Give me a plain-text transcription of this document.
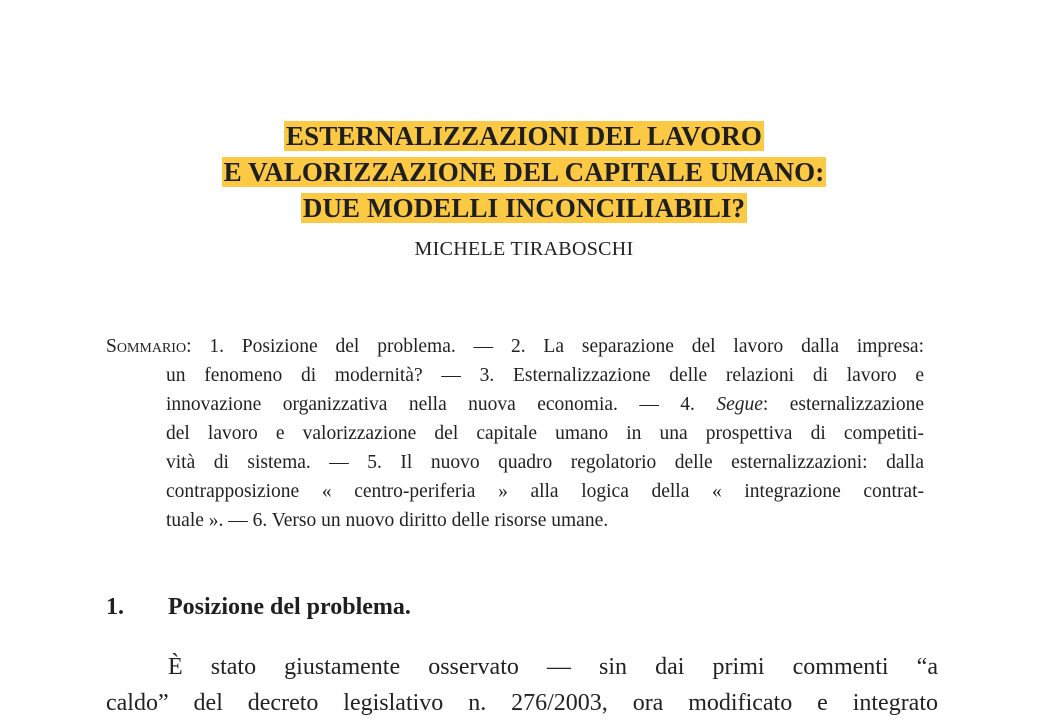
ESTERNALIZZAZIONI DEL LAVORO
E VALORIZZAZIONE DEL CAPITALE UMANO:
DUE MODELLI INCONCILIABILI?
MICHELE TIRABOSCHI
Sommario: 1. Posizione del problema. — 2. La separazione del lavoro dalla impresa:
un fenomeno di modernità? — 3. Esternalizzazione delle relazioni di lavoro e
innovazione organizzativa nella nuova economia. — 4. Segue: esternalizzazione
del lavoro e valorizzazione del capitale umano in una prospettiva di competiti-
vità di sistema. — 5. Il nuovo quadro regolatorio delle esternalizzazioni: dalla
contrapposizione « centro-periferia » alla logica della « integrazione contrat-
tuale ». — 6. Verso un nuovo diritto delle risorse umane.
1. Posizione del problema.
È stato giustamente osservato — sin dai primi commenti “a
caldo” del decreto legislativo n. 276/2003, ora modificato e integrato
